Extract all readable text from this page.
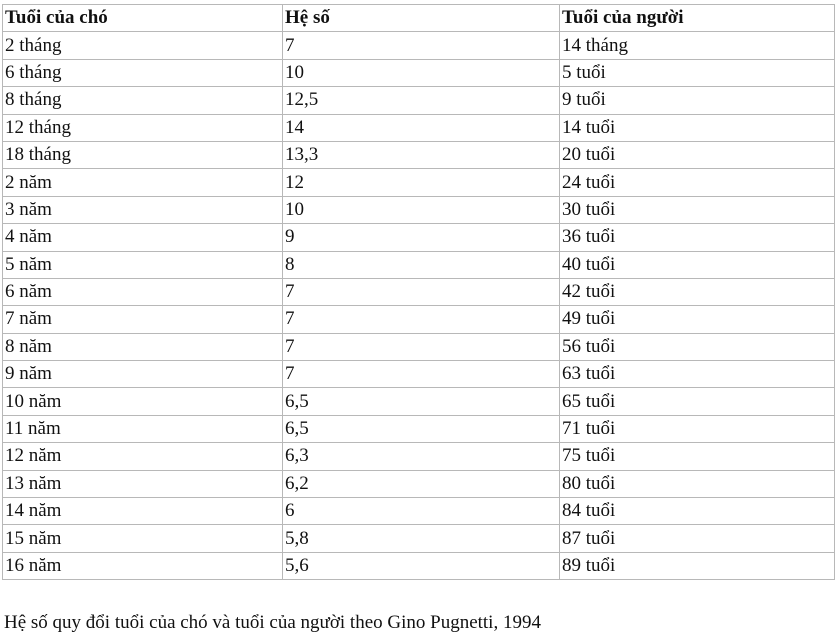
Tuổi của chó	Hệ số	Tuổi của người
2 tháng	7	14 tháng
6 tháng	10	5 tuổi
8 tháng	12,5	9 tuổi
12 tháng	14	14 tuổi
18 tháng	13,3	20 tuổi
2 năm	12	24 tuổi
3 năm	10	30 tuổi
4 năm	9	36 tuổi
5 năm	8	40 tuổi
6 năm	7	42 tuổi
7 năm	7	49 tuổi
8 năm	7	56 tuổi
9 năm	7	63 tuổi
10 năm	6,5	65 tuổi
11 năm	6,5	71 tuổi
12 năm	6,3	75 tuổi
13 năm	6,2	80 tuổi
14 năm	6	84 tuổi
15 năm	5,8	87 tuổi
16 năm	5,6	89 tuổi
Hệ số quy đổi tuổi của chó và tuổi của người theo Gino Pugnetti, 1994
